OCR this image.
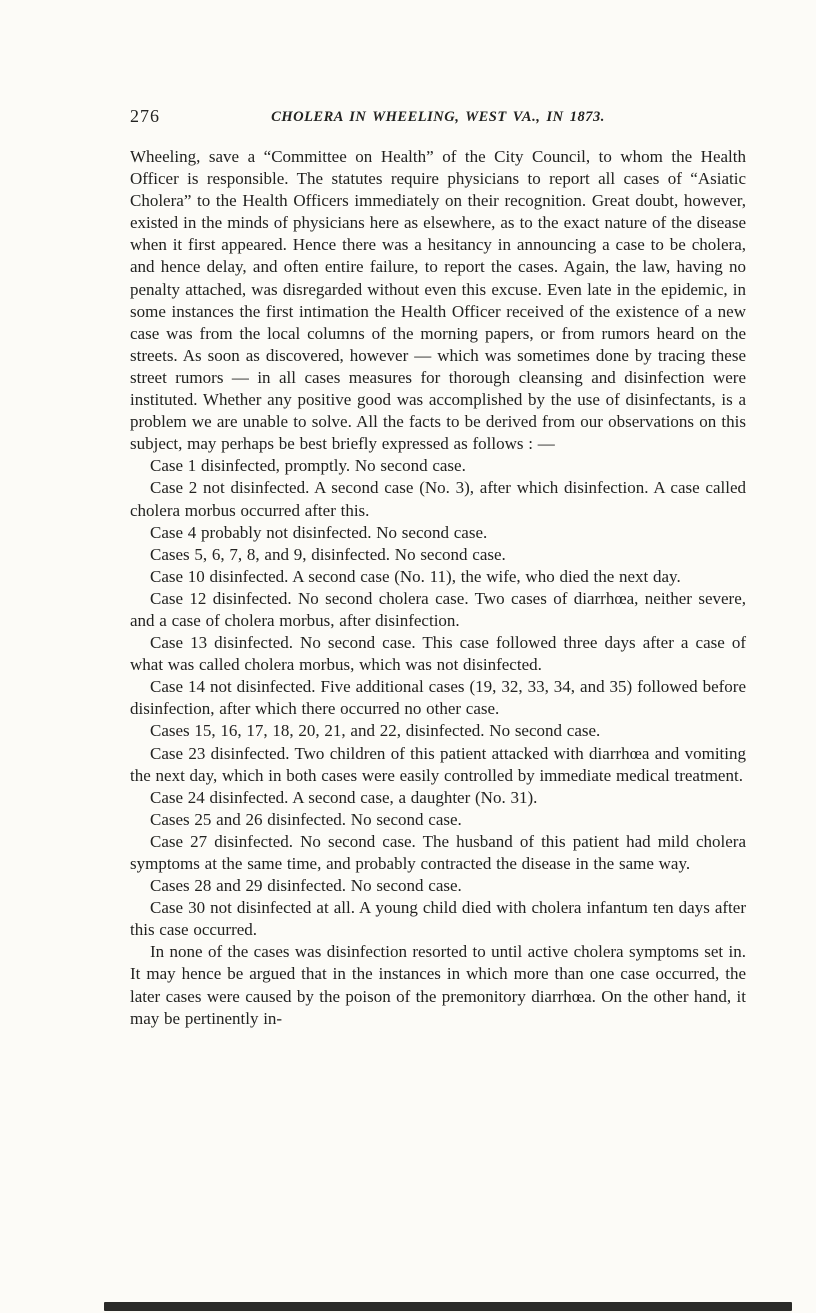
276	CHOLERA IN WHEELING, WEST VA., IN 1873.

Wheeling, save a “Committee on Health” of the City Council, to whom the Health Officer is responsible. The statutes require physicians to report all cases of “Asiatic Cholera” to the Health Officers immediately on their recognition. Great doubt, however, existed in the minds of physicians here as elsewhere, as to the exact nature of the disease when it first appeared. Hence there was a hesitancy in announcing a case to be cholera, and hence delay, and often entire failure, to report the cases. Again, the law, having no penalty attached, was disregarded without even this excuse. Even late in the epidemic, in some instances the first intimation the Health Officer received of the existence of a new case was from the local columns of the morning papers, or from rumors heard on the streets. As soon as discovered, however — which was sometimes done by tracing these street rumors — in all cases measures for thorough cleansing and disinfection were instituted. Whether any positive good was accomplished by the use of disinfectants, is a problem we are unable to solve. All the facts to be derived from our observations on this subject, may perhaps be best briefly expressed as follows : —

Case 1 disinfected, promptly. No second case.

Case 2 not disinfected. A second case (No. 3), after which disinfection. A case called cholera morbus occurred after this.

Case 4 probably not disinfected. No second case.

Cases 5, 6, 7, 8, and 9, disinfected. No second case.

Case 10 disinfected. A second case (No. 11), the wife, who died the next day.

Case 12 disinfected. No second cholera case. Two cases of diarrhœa, neither severe, and a case of cholera morbus, after disinfection.

Case 13 disinfected. No second case. This case followed three days after a case of what was called cholera morbus, which was not disinfected.

Case 14 not disinfected. Five additional cases (19, 32, 33, 34, and 35) followed before disinfection, after which there occurred no other case.

Cases 15, 16, 17, 18, 20, 21, and 22, disinfected. No second case.

Case 23 disinfected. Two children of this patient attacked with diarrhœa and vomiting the next day, which in both cases were easily controlled by immediate medical treatment.

Case 24 disinfected. A second case, a daughter (No. 31).

Cases 25 and 26 disinfected. No second case.

Case 27 disinfected. No second case. The husband of this patient had mild cholera symptoms at the same time, and probably contracted the disease in the same way.

Cases 28 and 29 disinfected. No second case.

Case 30 not disinfected at all. A young child died with cholera infantum ten days after this case occurred.

In none of the cases was disinfection resorted to until active cholera symptoms set in. It may hence be argued that in the instances in which more than one case occurred, the later cases were caused by the poison of the premonitory diarrhœa. On the other hand, it may be pertinently in-
